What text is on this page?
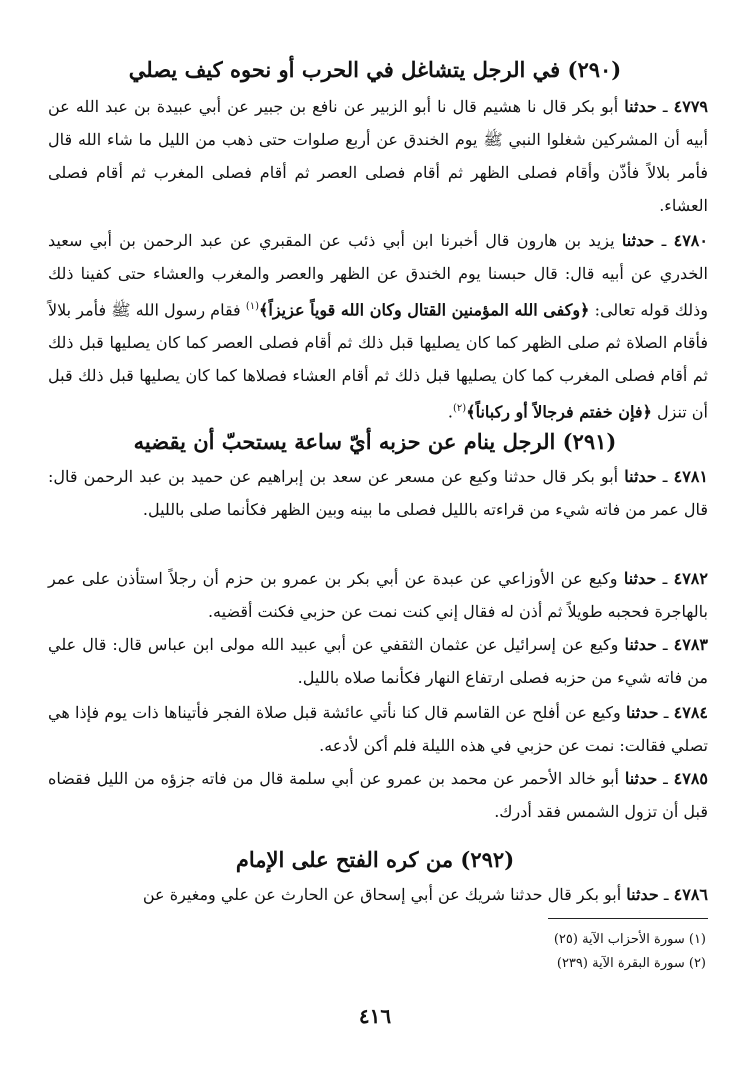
(٢٩٠) في الرجل يتشاغل في الحرب أو نحوه كيف يصلي
٤٧٧٩ ـ حدثنا أبو بكر قال نا هشيم قال نا أبو الزبير عن نافع بن جبير عن أبي عبيدة بن عبد الله عن أبيه أن المشركين شغلوا النبي ﷺ يوم الخندق عن أربع صلوات حتى ذهب من الليل ما شاء الله قال فأمر بلالاً فأذّن وأقام فصلى الظهر ثم أقام فصلى العصر ثم أقام فصلى المغرب ثم أقام فصلى العشاء.
٤٧٨٠ ـ حدثنا يزيد بن هارون قال أخبرنا ابن أبي ذئب عن المقبري عن عبد الرحمن بن أبي سعيد الخدري عن أبيه قال: قال حبسنا يوم الخندق عن الظهر والعصر والمغرب والعشاء حتى كفينا ذلك وذلك قوله تعالى: ﴿وكفى الله المؤمنين القتال وكان الله قوياً عزيزاً﴾$^{(١)}$ فقام رسول الله ﷺ فأمر بلالاً فأقام الصلاة ثم صلى الظهر كما كان يصليها قبل ذلك ثم أقام فصلى العصر كما كان يصليها قبل ذلك ثم أقام فصلى المغرب كما كان يصليها قبل ذلك ثم أقام العشاء فصلاها كما كان يصليها قبل ذلك قبل أن تنزل ﴿فإن خفتم فرجالاً أو ركباناً﴾$^{(٢)}$.
(٢٩١) الرجل ينام عن حزبه أيّ ساعة يستحبّ أن يقضيه
٤٧٨١ ـ حدثنا أبو بكر قال حدثنا وكيع عن مسعر عن سعد بن إبراهيم عن حميد بن عبد الرحمن قال: قال عمر من فاته شيء من قراءته بالليل فصلى ما بينه وبين الظهر فكأنما صلى بالليل.
٤٧٨٢ ـ حدثنا وكيع عن الأوزاعي عن عبدة عن أبي بكر بن عمرو بن حزم أن رجلاً استأذن على عمر بالهاجرة فحجبه طويلاً ثم أذن له فقال إني كنت نمت عن حزبي فكنت أقضيه.
٤٧٨٣ ـ حدثنا وكيع عن إسرائيل عن عثمان الثقفي عن أبي عبيد الله مولى ابن عباس قال: قال علي من فاته شيء من حزبه فصلى ارتفاع النهار فكأنما صلاه بالليل.
٤٧٨٤ ـ حدثنا وكيع عن أفلح عن القاسم قال كنا نأتي عائشة قبل صلاة الفجر فأتيناها ذات يوم فإذا هي تصلي فقالت: نمت عن حزبي في هذه الليلة فلم أكن لأدعه.
٤٧٨٥ ـ حدثنا أبو خالد الأحمر عن محمد بن عمرو عن أبي سلمة قال من فاته جزؤه من الليل فقضاه قبل أن تزول الشمس فقد أدرك.
(٢٩٢) من كره الفتح على الإمام
٤٧٨٦ ـ حدثنا أبو بكر قال حدثنا شريك عن أبي إسحاق عن الحارث عن علي ومغيرة عن
(١) سورة الأحزاب الآية (٢٥)
(٢) سورة البقرة الآية (٢٣٩)
٤١٦
